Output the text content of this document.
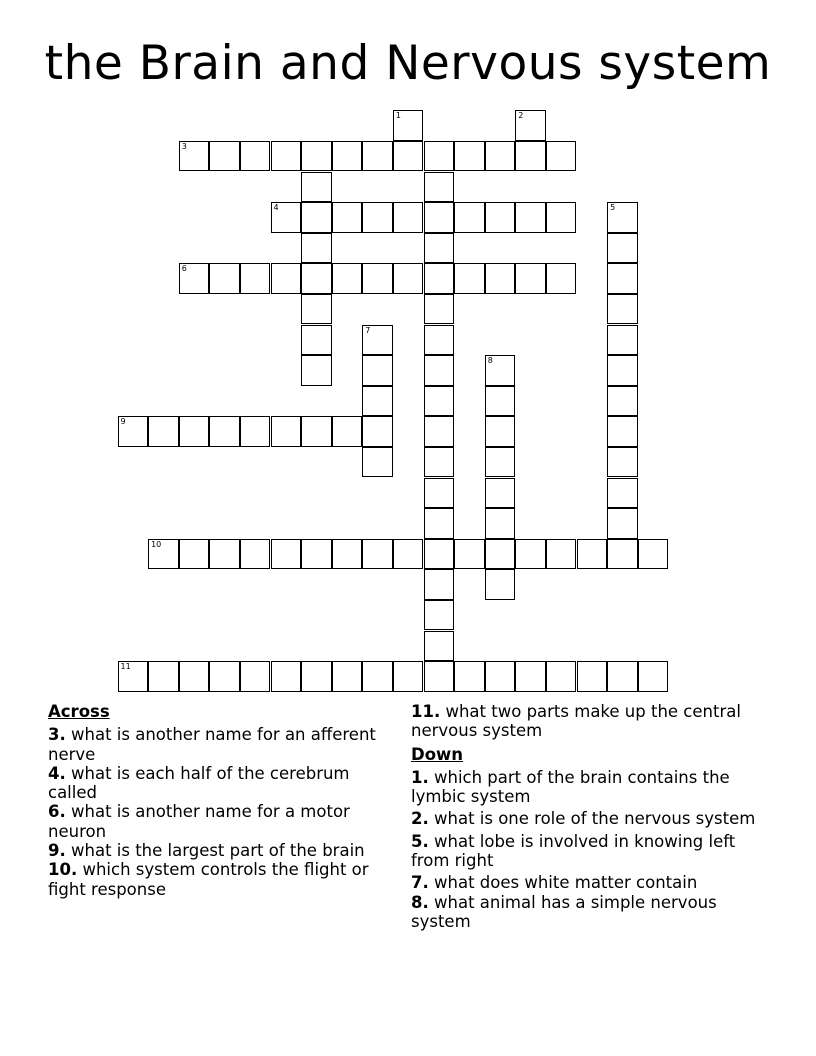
the Brain and Nervous system
1	2
3
4	5
6
7
8
9
10
11
Across
3. what is another name for an afferent nerve
4. what is each half of the cerebrum called
6. what is another name for a motor neuron
9. what is the largest part of the brain
10. which system controls the flight or fight response
11. what two parts make up the central nervous system
Down
1. which part of the brain contains the lymbic system
2. what is one role of the nervous system
5. what lobe is involved in knowing left from right
7. what does white matter contain
8. what animal has a simple nervous system
